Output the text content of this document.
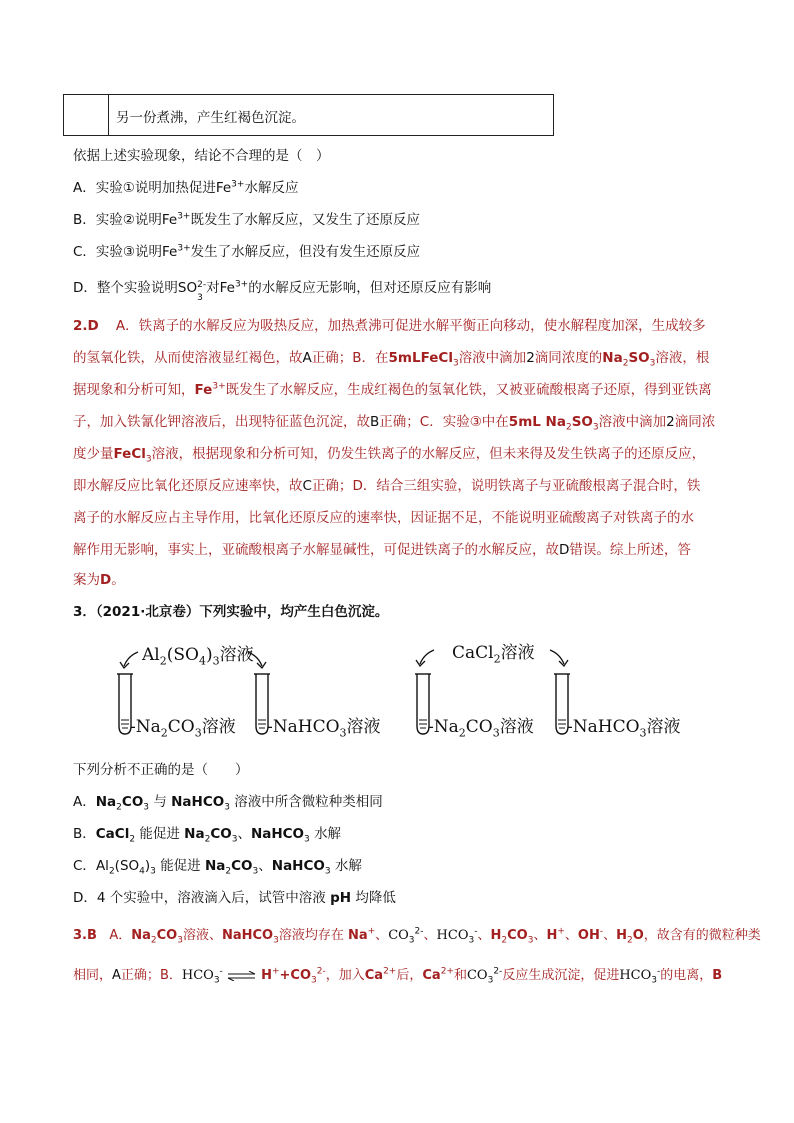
另一份煮沸，产生红褐色沉淀。
依据上述实验现象，结论不合理的是（　）
A．实验①说明加热促进$Fe^{3+}$水解反应
B．实验②说明$Fe^{3+}$既发生了水解反应，又发生了还原反应
C．实验③说明$Fe^{3+}$发生了水解反应，但没有发生还原反应
D．整个实验说明SO 2-
3
对$Fe^{3+}$的水解反应无影响，但对还原反应有影响
2.D A．铁离子的水解反应为吸热反应，加热煮沸可促进水解平衡正向移动，使水解程度加深，生成较多
的氢氧化铁，从而使溶液显红褐色，故A正确；B．在5mLFeCl$_3$溶液中滴加2滴同浓度的$Na_2SO_3$溶液，根
据现象和分析可知，$Fe^{3+}$既发生了水解反应，生成红褐色的氢氧化铁，又被亚硫酸根离子还原，得到亚铁离
子，加入铁氰化钾溶液后，出现特征蓝色沉淀，故B正确；C．实验③中在5mL $Na_2SO_3$溶液中滴加2滴同浓
度少量FeCl$_3$溶液，根据现象和分析可知，仍发生铁离子的水解反应，但未来得及发生铁离子的还原反应，
即水解反应比氧化还原反应速率快，故C正确；D．结合三组实验，说明铁离子与亚硫酸根离子混合时，铁
离子的水解反应占主导作用，比氧化还原反应的速率快，因证据不足，不能说明亚硫酸离子对铁离子的水
解作用无影响，事实上，亚硫酸根离子水解显碱性，可促进铁离子的水解反应，故D错误。综上所述，答
案为D。
3．（2021·北京卷）下列实验中，均产生白色沉淀。
$Al_2(SO_4)_3$溶液	CaCl$_2$溶液
$-Na_2CO_3$溶液 -NaHCO$_3$溶液	$-Na_2CO_3$溶液 -NaHCO$_3$溶液
下列分析不正确的是（　　）
A．$Na_2CO_3$ 与 NaHCO$_3$ 溶液中所含微粒种类相同
B．CaCl$_2$ 能促进 $Na_2CO_3$、NaHCO$_3$ 水解
C．$Al_2(SO_4)_3$ 能促进 $Na_2CO_3$、NaHCO$_3$ 水解
D．4 个实验中，溶液滴入后，试管中溶液 pH 均降低
3.B A．$Na_2CO_3$溶液、NaHCO$_3$溶液均存在 Na+、$CO_3^{2-}$、$HCO_3^-$、$H_2CO_3$、H+、OH-、$H_2O$，故含有的微粒种类
相同，A正确；B．$HCO_3^-$ ⇌ $H^++CO_3^{2-}$，加入$Ca^{2+}$后，$Ca^{2+}$和$CO_3^{2-}$反应生成沉淀，促进$HCO_3^-$的电离，B
